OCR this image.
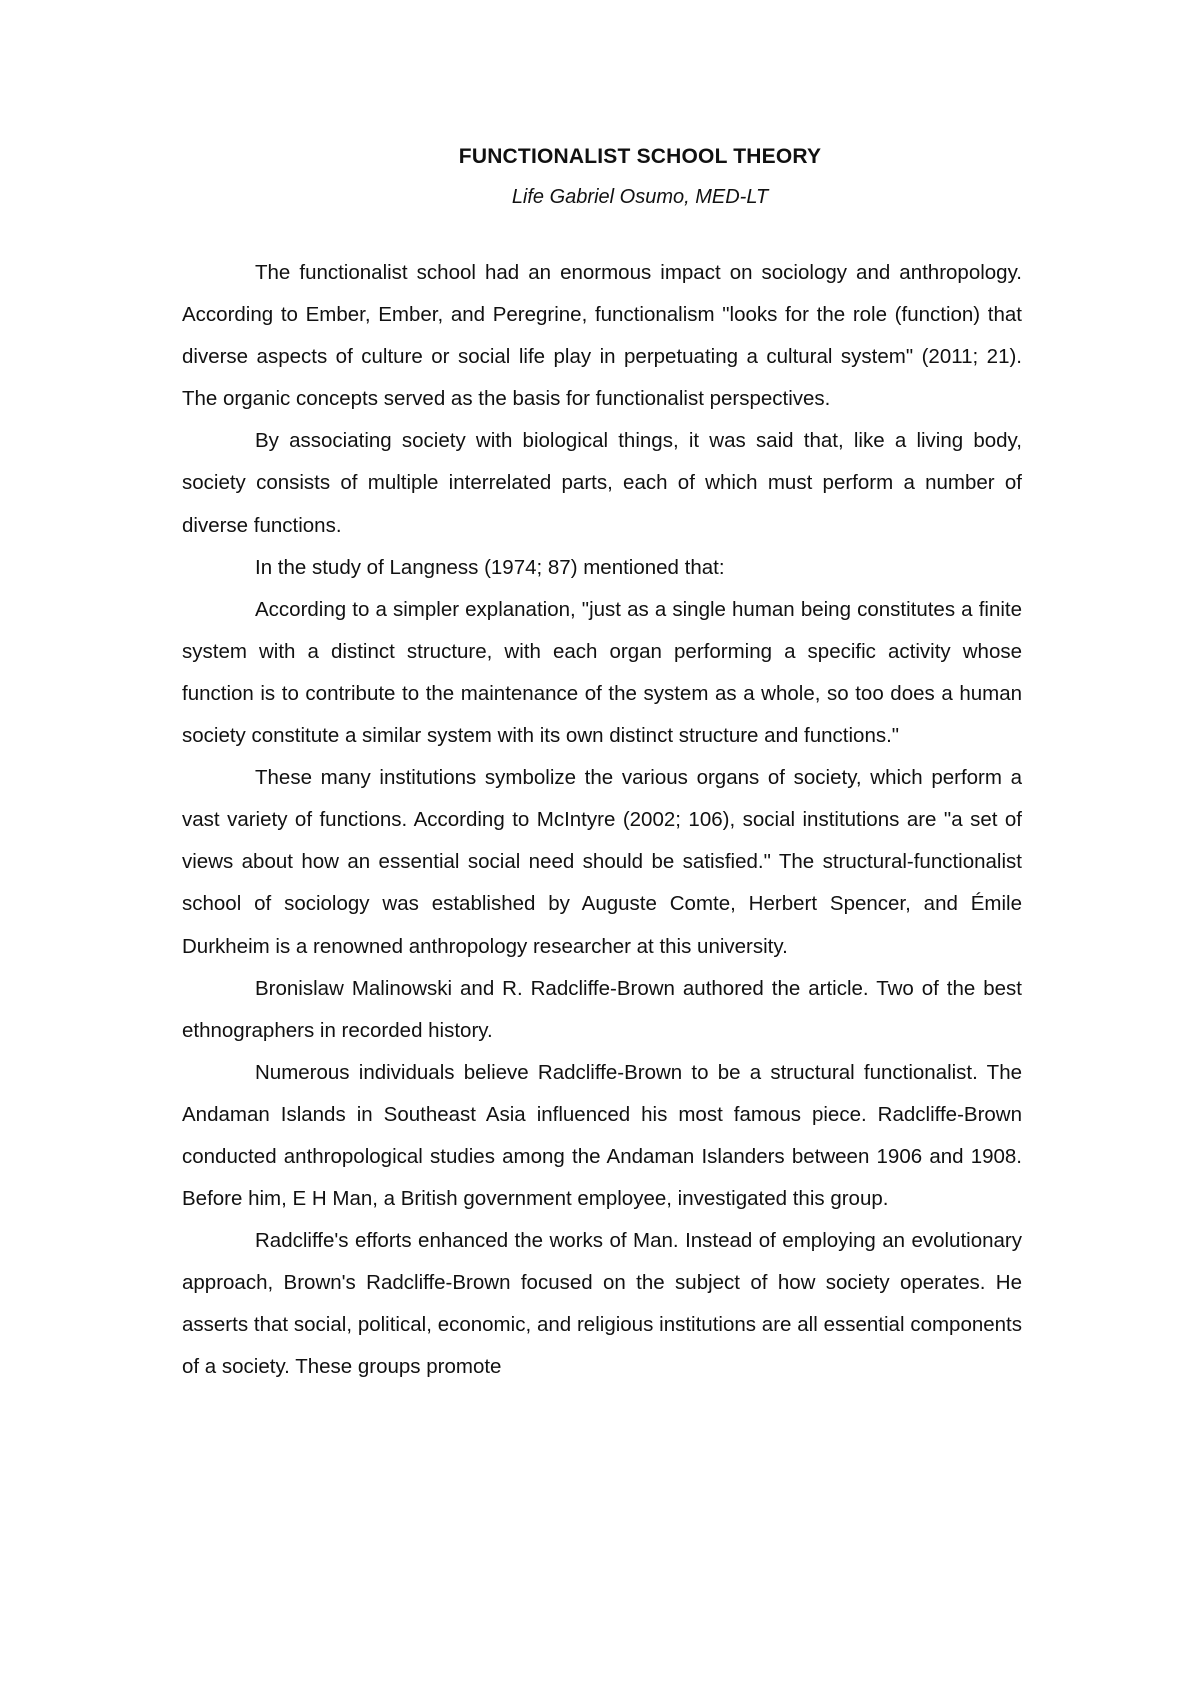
FUNCTIONALIST SCHOOL THEORY
Life Gabriel Osumo, MED-LT

The functionalist school had an enormous impact on sociology and anthropology. According to Ember, Ember, and Peregrine, functionalism "looks for the role (function) that diverse aspects of culture or social life play in perpetuating a cultural system" (2011; 21). The organic concepts served as the basis for functionalist perspectives.

By associating society with biological things, it was said that, like a living body, society consists of multiple interrelated parts, each of which must perform a number of diverse functions.

In the study of Langness (1974; 87) mentioned that:

According to a simpler explanation, "just as a single human being constitutes a finite system with a distinct structure, with each organ performing a specific activity whose function is to contribute to the maintenance of the system as a whole, so too does a human society constitute a similar system with its own distinct structure and functions."

These many institutions symbolize the various organs of society, which perform a vast variety of functions. According to McIntyre (2002; 106), social institutions are "a set of views about how an essential social need should be satisfied." The structural-functionalist school of sociology was established by Auguste Comte, Herbert Spencer, and Émile Durkheim is a renowned anthropology researcher at this university.

Bronislaw Malinowski and R. Radcliffe-Brown authored the article. Two of the best ethnographers in recorded history.

Numerous individuals believe Radcliffe-Brown to be a structural functionalist. The Andaman Islands in Southeast Asia influenced his most famous piece. Radcliffe-Brown conducted anthropological studies among the Andaman Islanders between 1906 and 1908. Before him, E H Man, a British government employee, investigated this group.

Radcliffe's efforts enhanced the works of Man. Instead of employing an evolutionary approach, Brown's Radcliffe-Brown focused on the subject of how society operates. He asserts that social, political, economic, and religious institutions are all essential components of a society. These groups promote
